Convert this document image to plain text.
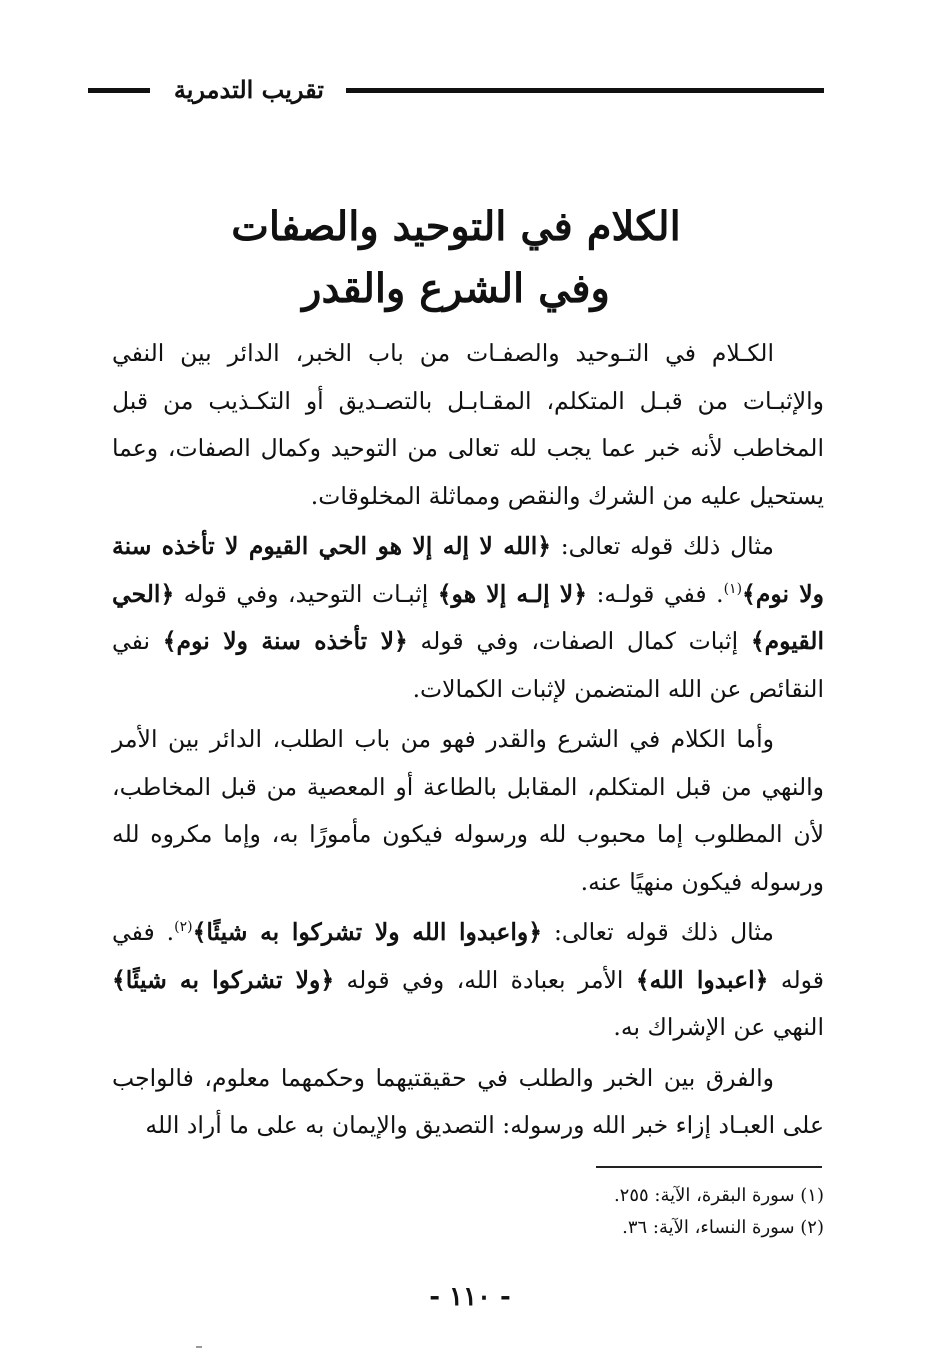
تقريب التدمرية
الكلام في التوحيد والصفات
وفي الشرع والقدر

الكـلام في التـوحيد والصفـات من باب الخبر، الدائر بين النفي والإثبـات من قبـل المتكلم، المقـابـل بالتصـديق أو التكـذيب من قبل المخاطب لأنه خبر عما يجب لله تعالى من التوحيد وكمال الصفات، وعما يستحيل عليه من الشرك والنقص ومماثلة المخلوقات.

مثال ذلك قوله تعالى: ﴿الله لا إله إلا هو الحي القيوم لا تأخذه سنة ولا نوم﴾$^{(١)}$. ففي قولـه: ﴿لا إلـه إلا هو﴾ إثبـات التوحيد، وفي قوله ﴿الحي القيوم﴾ إثبات كمال الصفات، وفي قوله ﴿لا تأخذه سنة ولا نوم﴾ نفي النقائص عن الله المتضمن لإثبات الكمالات.

وأما الكلام في الشرع والقدر فهو من باب الطلب، الدائر بين الأمر والنهي من قبل المتكلم، المقابل بالطاعة أو المعصية من قبل المخاطب، لأن المطلوب إما محبوب لله ورسوله فيكون مأمورًا به، وإما مكروه لله ورسوله فيكون منهيًا عنه.

مثال ذلك قوله تعالى: ﴿واعبدوا الله ولا تشركوا به شيئًا﴾$^{(٢)}$. ففي قوله ﴿اعبدوا الله﴾ الأمر بعبادة الله، وفي قوله ﴿ولا تشركوا به شيئًا﴾ النهي عن الإشراك به.

والفرق بين الخبر والطلب في حقيقتيهما وحكمهما معلوم، فالواجب على العبـاد إزاء خبر الله ورسوله: التصديق والإيمان به على ما أراد الله

(١) سورة البقرة، الآية: ٢٥٥.
(٢) سورة النساء، الآية: ٣٦.
- ١١٠ -
